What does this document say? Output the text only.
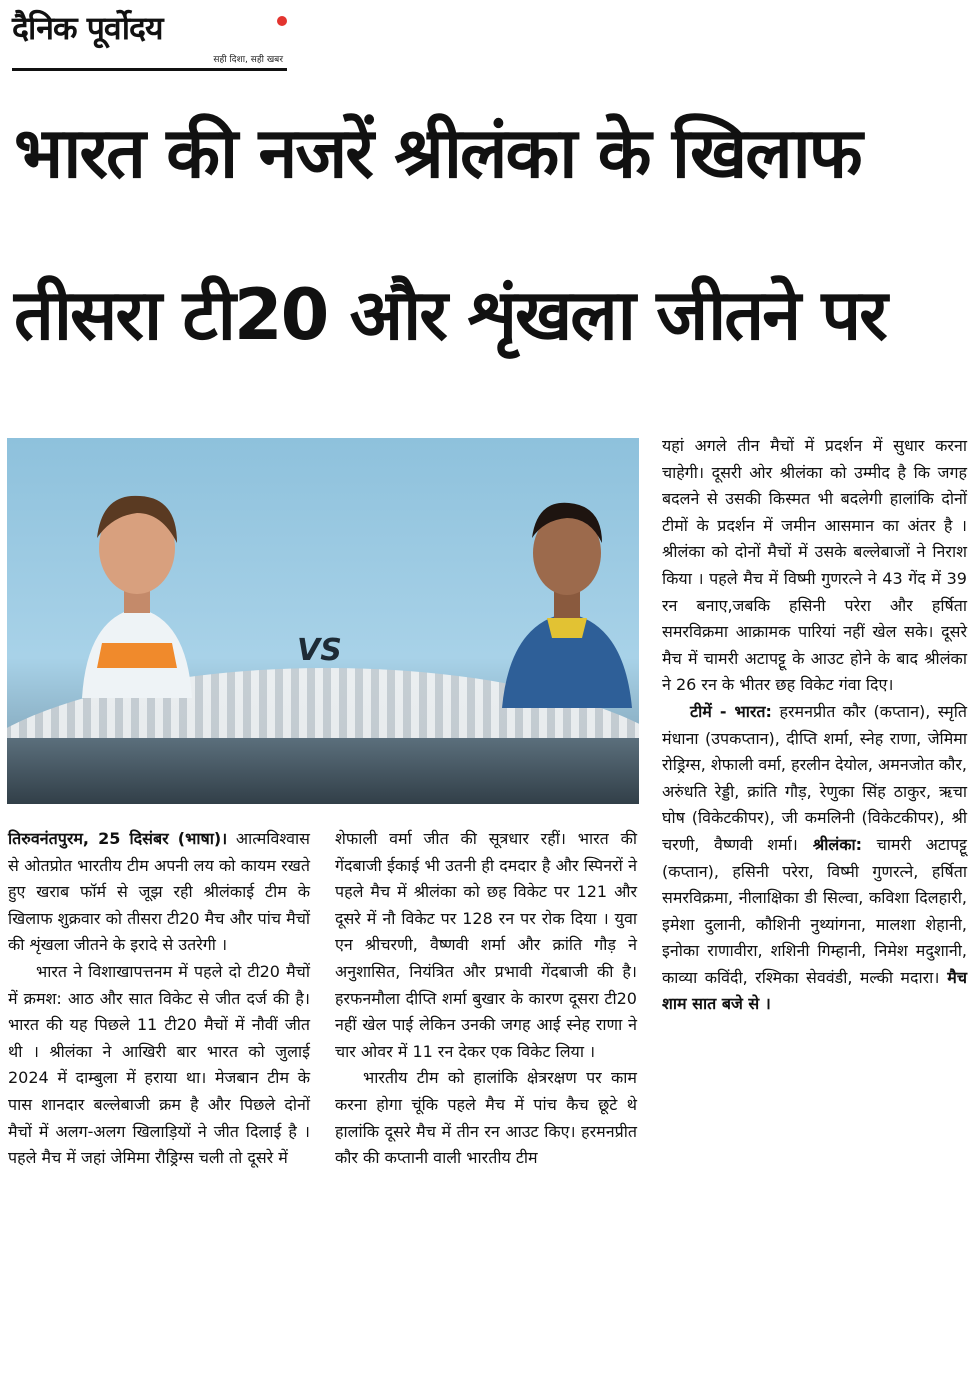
दैनिक पूर्वोदय
सही दिशा, सही खबर
भारत की नजरें श्रीलंका के खिलाफ
तीसरा टी20 और शृंखला जीतने पर
VS

तिरुवनंतपुरम, 25 दिसंबर (भाषा)। आत्मविश्वास से ओतप्रोत भारतीय टीम अपनी लय को कायम रखते हुए खराब फॉर्म से जूझ रही श्रीलंकाई टीम के खिलाफ शुक्रवार को तीसरा टी20 मैच और पांच मैचों की शृंखला जीतने के इरादे से उतरेगी ।

भारत ने विशाखापत्तनम में पहले दो टी20 मैचों में क्रमश: आठ और सात विकेट से जीत दर्ज की है। भारत की यह पिछले 11 टी20 मैचों में नौवीं जीत थी । श्रीलंका ने आखिरी बार भारत को जुलाई 2024 में दाम्बुला में हराया था। मेजबान टीम के पास शानदार बल्लेबाजी क्रम है और पिछले दोनों मैचों में अलग-अलग खिलाड़ियों ने जीत दिलाई है । पहले मैच में जहां जेमिमा रौड्रिग्स चली तो दूसरे में

शेफाली वर्मा जीत की सूत्रधार रहीं। भारत की गेंदबाजी ईकाई भी उतनी ही दमदार है और स्पिनरों ने पहले मैच में श्रीलंका को छह विकेट पर 121 और दूसरे में नौ विकेट पर 128 रन पर रोक दिया । युवा एन श्रीचरणी, वैष्णवी शर्मा और क्रांति गौड़ ने अनुशासित, नियंत्रित और प्रभावी गेंदबाजी की है। हरफनमौला दीप्ति शर्मा बुखार के कारण दूसरा टी20 नहीं खेल पाई लेकिन उनकी जगह आई स्नेह राणा ने चार ओवर में 11 रन देकर एक विकेट लिया ।

भारतीय टीम को हालांकि क्षेत्ररक्षण पर काम करना होगा चूंकि पहले मैच में पांच कैच छूटे थे हालांकि दूसरे मैच में तीन रन आउट किए। हरमनप्रीत कौर की कप्तानी वाली भारतीय टीम

यहां अगले तीन मैचों में प्रदर्शन में सुधार करना चाहेगी। दूसरी ओर श्रीलंका को उम्मीद है कि जगह बदलने से उसकी किस्मत भी बदलेगी हालांकि दोनों टीमों के प्रदर्शन में जमीन आसमान का अंतर है । श्रीलंका को दोनों मैचों में उसके बल्लेबाजों ने निराश किया । पहले मैच में विष्मी गुणरत्ने ने 43 गेंद में 39 रन बनाए,जबकि हसिनी परेरा और हर्षिता समरविक्रमा आक्रामक पारियां नहीं खेल सके। दूसरे मैच में चामरी अटापट्टू के आउट होने के बाद श्रीलंका ने 26 रन के भीतर छह विकेट गंवा दिए।

टीमें - भारत: हरमनप्रीत कौर (कप्तान), स्मृति मंधाना (उपकप्तान), दीप्ति शर्मा, स्नेह राणा, जेमिमा रोड्रिग्स, शेफाली वर्मा, हरलीन देयोल, अमनजोत कौर, अरुंधति रेड्डी, क्रांति गौड़, रेणुका सिंह ठाकुर, ऋचा घोष (विकेटकीपर), जी कमलिनी (विकेटकीपर), श्री चरणी, वैष्णवी शर्मा। श्रीलंका: चामरी अटापट्टू (कप्तान), हसिनी परेरा, विष्मी गुणरत्ने, हर्षिता समरविक्रमा, नीलाक्षिका डी सिल्वा, कविशा दिलहारी, इमेशा दुलानी, कौशिनी नुथ्यांगना, मालशा शेहानी, इनोका राणावीरा, शशिनी गिम्हानी, निमेश मदुशानी, काव्या कविंदी, रश्मिका सेववंडी, मल्की मदारा। मैच शाम सात बजे से ।
